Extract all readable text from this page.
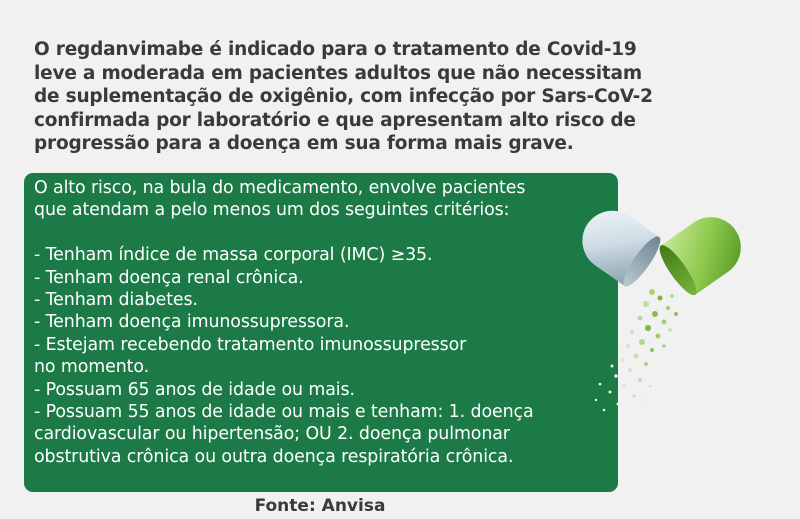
O regdanvimabe é indicado para o tratamento de Covid-19
leve a moderada em pacientes adultos que não necessitam
de suplementação de oxigênio, com infecção por Sars-CoV-2
confirmada por laboratório e que apresentam alto risco de
progressão para a doença em sua forma mais grave.
O alto risco, na bula do medicamento, envolve pacientes
que atendam a pelo menos um dos seguintes critérios:
- Tenham índice de massa corporal (IMC) ≥35.
- Tenham doença renal crônica.
- Tenham diabetes.
- Tenham doença imunossupressora.
- Estejam recebendo tratamento imunossupressor
no momento.
- Possuam 65 anos de idade ou mais.
- Possuam 55 anos de idade ou mais e tenham: 1. doença
cardiovascular ou hipertensão; OU 2. doença pulmonar
obstrutiva crônica ou outra doença respiratória crônica.
Fonte: Anvisa
